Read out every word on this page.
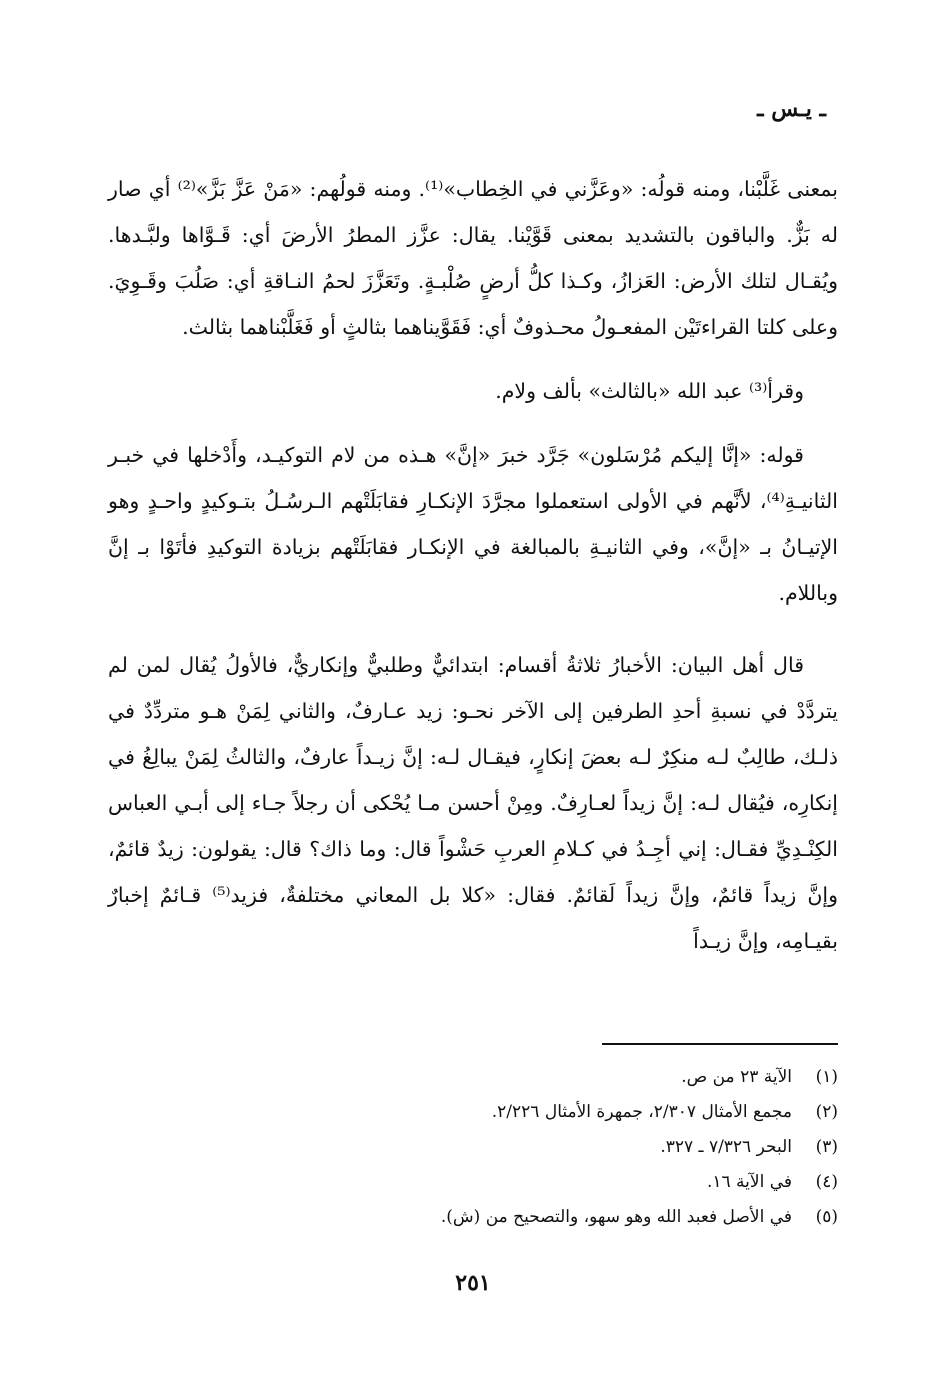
ـ يـس ـ

بمعنى غَلَّبْنا، ومنه قولُه: «وعَزَّني في الخِطاب»⁽¹⁾. ومنه قولُهم: «مَنْ عَزَّ بَزَّ»⁽²⁾ أي صار له بَزٌّ. والباقون بالتشديد بمعنى قَوَّيْنا. يقال: عزَّز المطرُ الأرضَ أي: قَـوَّاها ولبَّـدها. ويُقـال لتلك الأرض: العَزازُ، وكـذا كلُّ أرضٍ صُلْبـةٍ. وتَعَزَّزَ لحمُ النـاقةِ أي: صَلُبَ وقَـوِيَ. وعلى كلتا القراءتَيْن المفعـولُ محـذوفٌ أي: فَقَوَّيناهما بثالثٍ أو فَغَلَّبْناهما بثالث.

وقرأ⁽³⁾ عبد الله «بالثالث» بألف ولام.

قوله: «إنَّا إليكم مُرْسَلون» جَرَّد خبرَ «إنَّ» هـذه من لام التوكيـد، وأَدْخلها في خبـر الثانيـةِ⁽⁴⁾، لأنَّهم في الأولى استعملوا مجرَّدَ الإنكـارِ فقابَلَتْهم الـرسُـلُ بتـوكيدٍ واحـدٍ وهو الإتيـانُ بـ «إنَّ»، وفي الثانيـةِ بالمبالغة في الإنكـار فقابَلَتْهم بزيادة التوكيدِ فأتَوْا بـ إنَّ وباللام.

قال أهل البيان: الأخبارُ ثلاثةُ أقسام: ابتدائيٌّ وطلبيٌّ وإنكاريٌّ، فالأولُ يُقال لمن لم يتردَّدْ في نسبةِ أحدِ الطرفين إلى الآخر نحـو: زيد عـارفٌ، والثاني لِمَنْ هـو متردِّدٌ في ذلـك، طالِبٌ لـه منكِرٌ لـه بعضَ إنكارٍ، فيقـال لـه: إنَّ زيـداً عارفٌ، والثالثُ لِمَنْ يبالِغُ في إنكارِه، فيُقال لـه: إنَّ زيداً لعـارِفٌ. ومِنْ أحسن مـا يُحْكى أن رجلاً جـاء إلى أبـي العباس الكِنْـدِيِّ فقـال: إني أجِـدُ في كـلامِ العربِ حَشْواً قال: وما ذاك؟ قال: يقولون: زيدٌ قائمٌ، وإنَّ زيداً قائمٌ، وإنَّ زيداً لَقائمٌ. فقال: «كلا بل المعاني مختلفةٌ، فزيد⁽⁵⁾ قـائمٌ إخبارٌ بقيـامِه، وإنَّ زيـداً

(١)
الآية ٢٣ من ص.
(٢)
مجمع الأمثال ٢/٣٠٧، جمهرة الأمثال ٢/٢٢٦.
(٣)
البحر ٧/٣٢٦ ـ ٣٢٧.
(٤)
في الآية ١٦.
(٥)
في الأصل فعبد الله وهو سهو، والتصحيح من (ش).
٢٥١
